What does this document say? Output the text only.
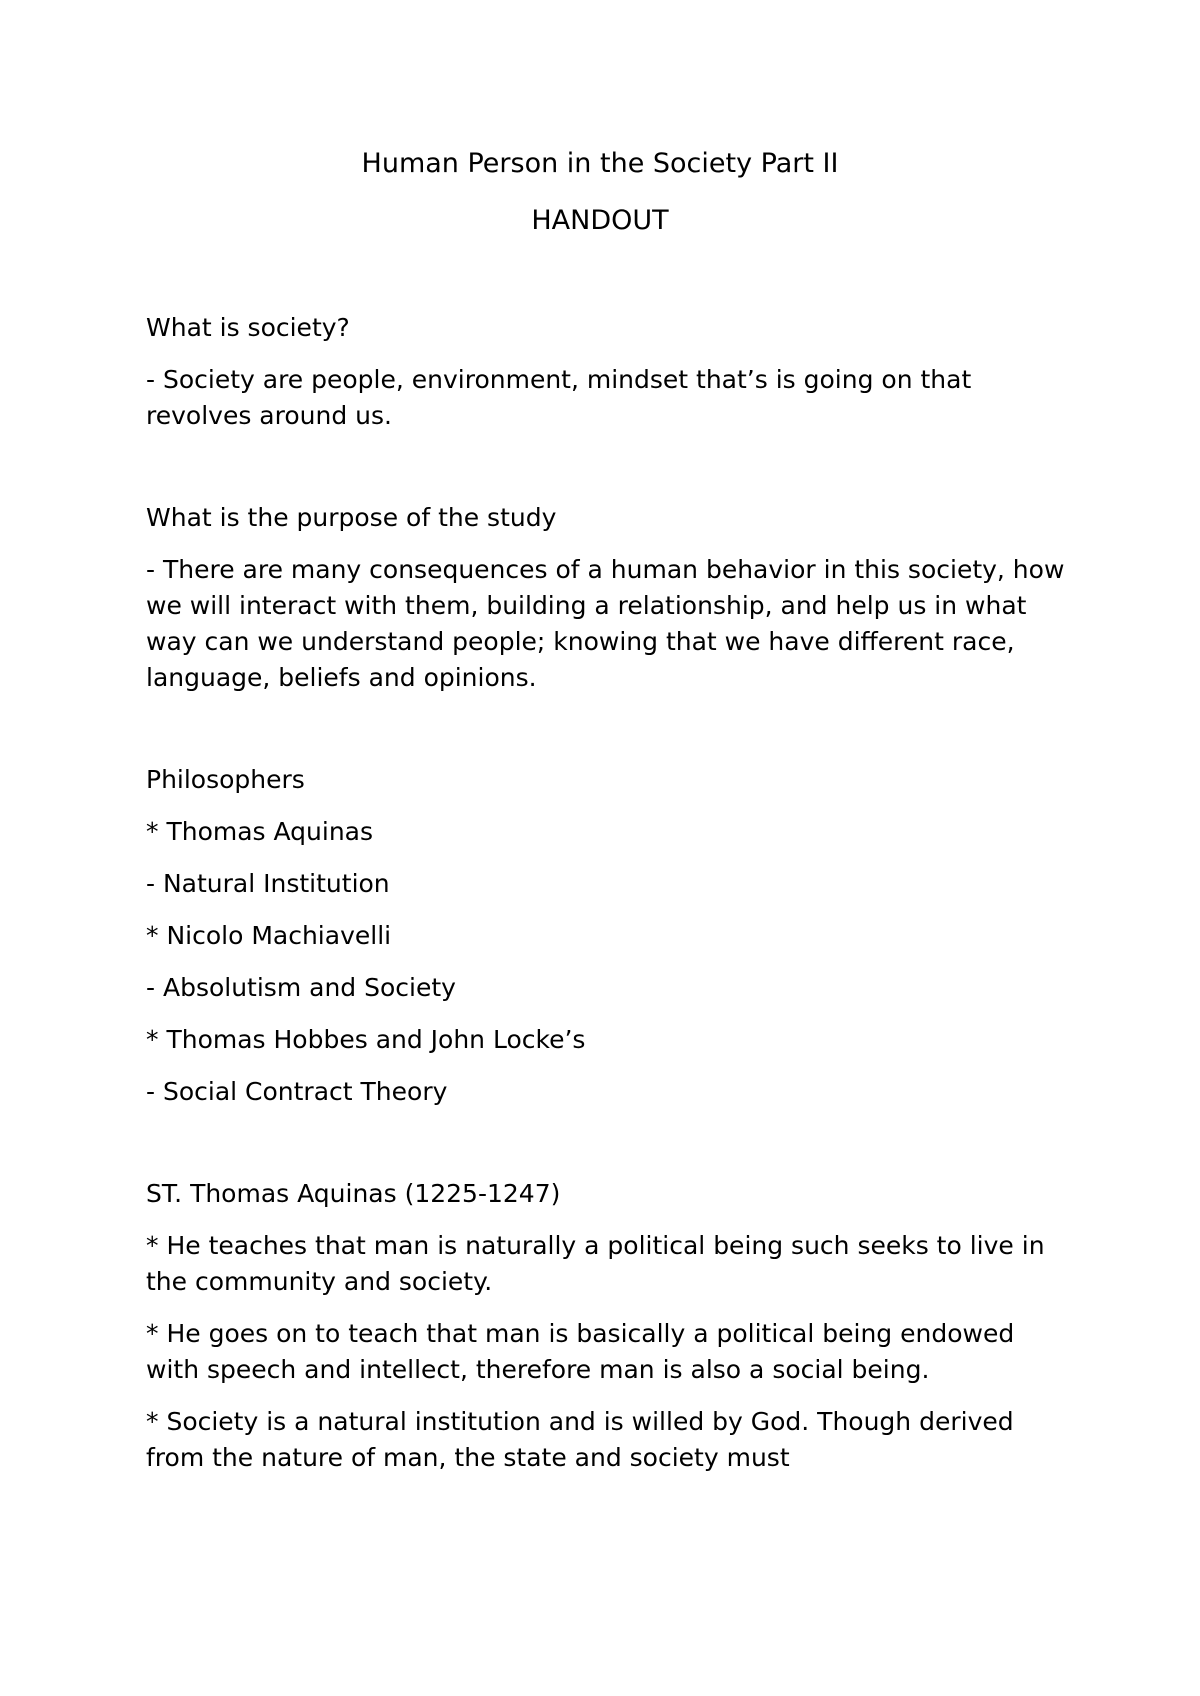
Human Person in the Society Part II
HANDOUT

What is society?

- Society are people, environment, mindset that’s is going on that revolves around us.

What is the purpose of the study

- There are many consequences of a human behavior in this society, how we will interact with them, building a relationship, and help us in what way can we understand people; knowing that we have different race, language, beliefs and opinions.

Philosophers

* Thomas Aquinas

- Natural Institution

* Nicolo Machiavelli

- Absolutism and Society

* Thomas Hobbes and John Locke’s

- Social Contract Theory

ST. Thomas Aquinas (1225-1247)

* He teaches that man is naturally a political being such seeks to live in the community and society.

* He goes on to teach that man is basically a political being endowed with speech and intellect, therefore man is also a social being.

* Society is a natural institution and is willed by God. Though derived from the nature of man, the state and society must
